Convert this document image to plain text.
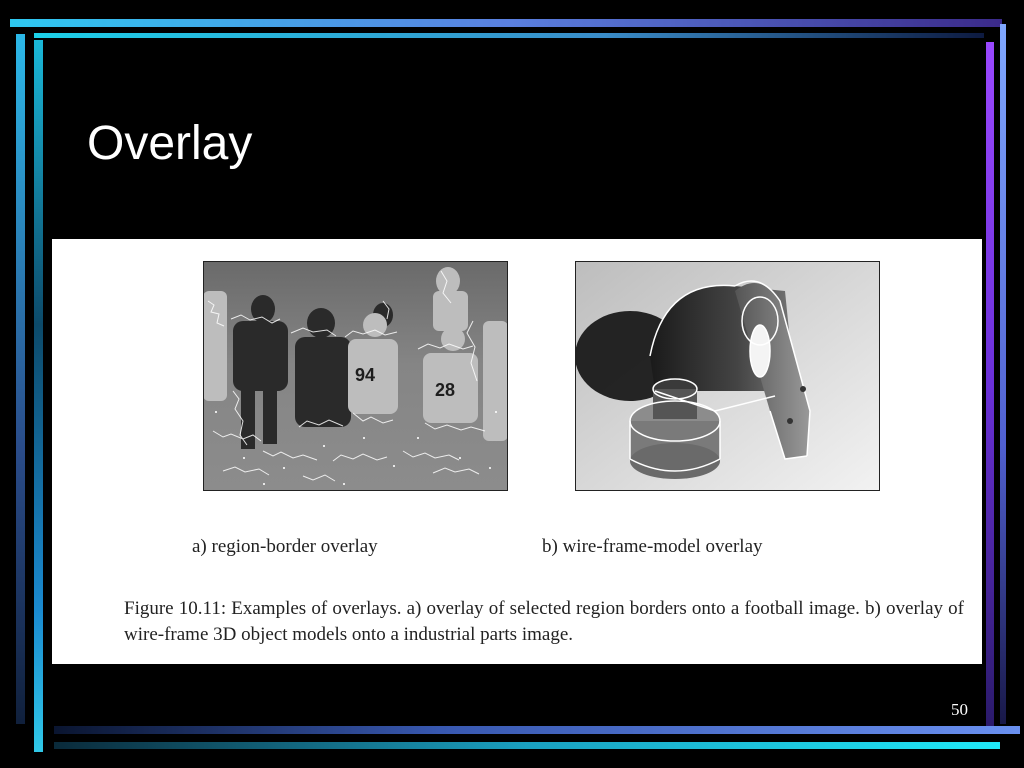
Overlay
94
28
a) region-border overlay	b) wire-frame-model overlay
Figure 10.11: Examples of overlays. a) overlay of selected region borders onto a football image. b) overlay of wire-frame 3D object models onto a industrial parts image.
50
